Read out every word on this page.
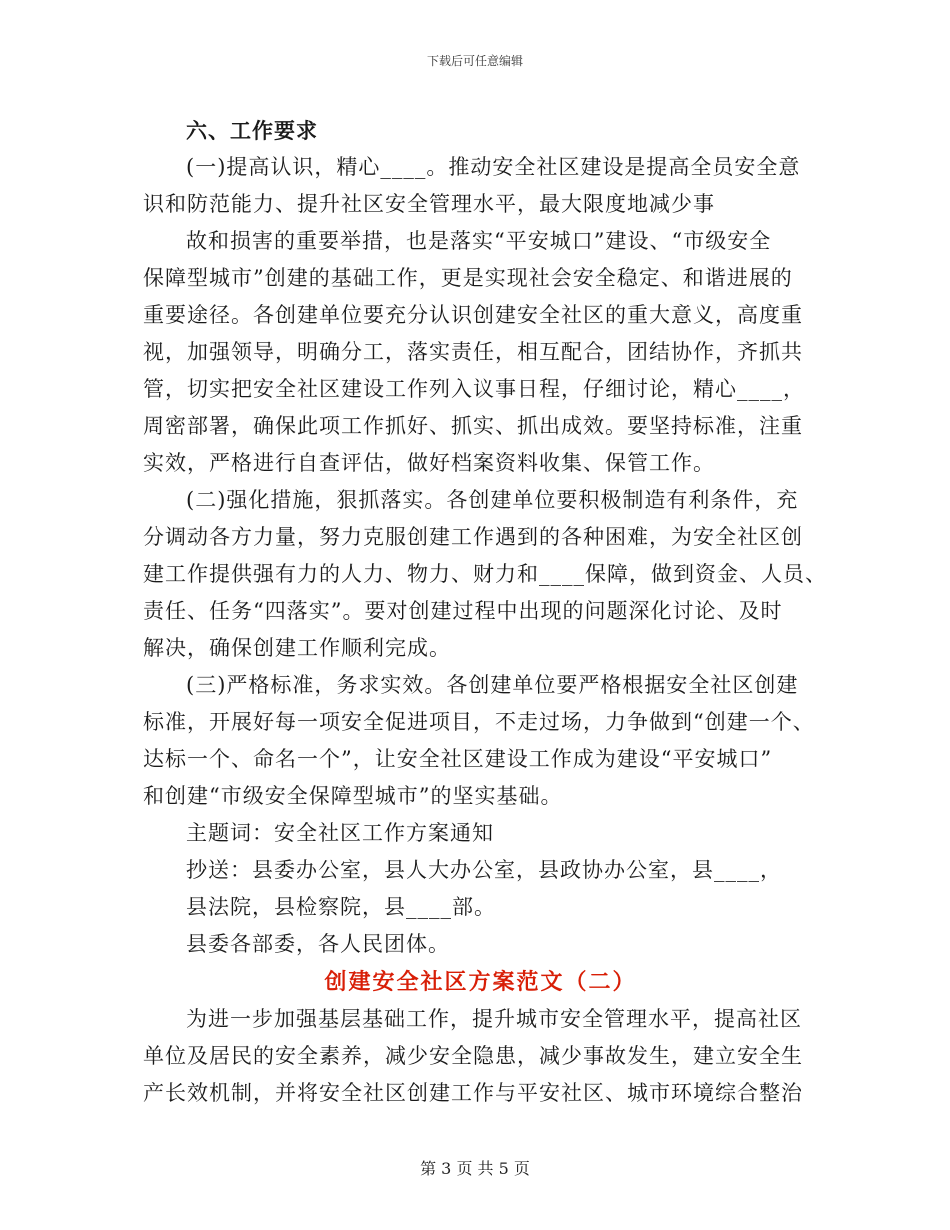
下载后可任意编辑
六、工作要求
(一)提高认识，精心____。推动安全社区建设是提高全员安全意
识和防范能力、提升社区安全管理水平，最大限度地减少事
故和损害的重要举措，也是落实“平安城口”建设、“市级安全
保障型城市”创建的基础工作，更是实现社会安全稳定、和谐进展的
重要途径。各创建单位要充分认识创建安全社区的重大意义，高度重
视，加强领导，明确分工，落实责任，相互配合，团结协作，齐抓共
管，切实把安全社区建设工作列入议事日程，仔细讨论，精心____，
周密部署，确保此项工作抓好、抓实、抓出成效。要坚持标准，注重
实效，严格进行自查评估，做好档案资料收集、保管工作。
(二)强化措施，狠抓落实。各创建单位要积极制造有利条件，充
分调动各方力量，努力克服创建工作遇到的各种困难，为安全社区创
建工作提供强有力的人力、物力、财力和____保障，做到资金、人员、
责任、任务“四落实”。要对创建过程中出现的问题深化讨论、及时
解决，确保创建工作顺利完成。
(三)严格标准，务求实效。各创建单位要严格根据安全社区创建
标准，开展好每一项安全促进项目，不走过场，力争做到“创建一个、
达标一个、命名一个”，让安全社区建设工作成为建设“平安城口”
和创建“市级安全保障型城市”的坚实基础。
主题词：安全社区工作方案通知
抄送：县委办公室，县人大办公室，县政协办公室，县____，
县法院，县检察院，县____部。
县委各部委，各人民团体。
创建安全社区方案范文（二）
为进一步加强基层基础工作，提升城市安全管理水平，提高社区
单位及居民的安全素养，减少安全隐患，减少事故发生，建立安全生
产长效机制，并将安全社区创建工作与平安社区、城市环境综合整治
第 3 页 共 5 页
